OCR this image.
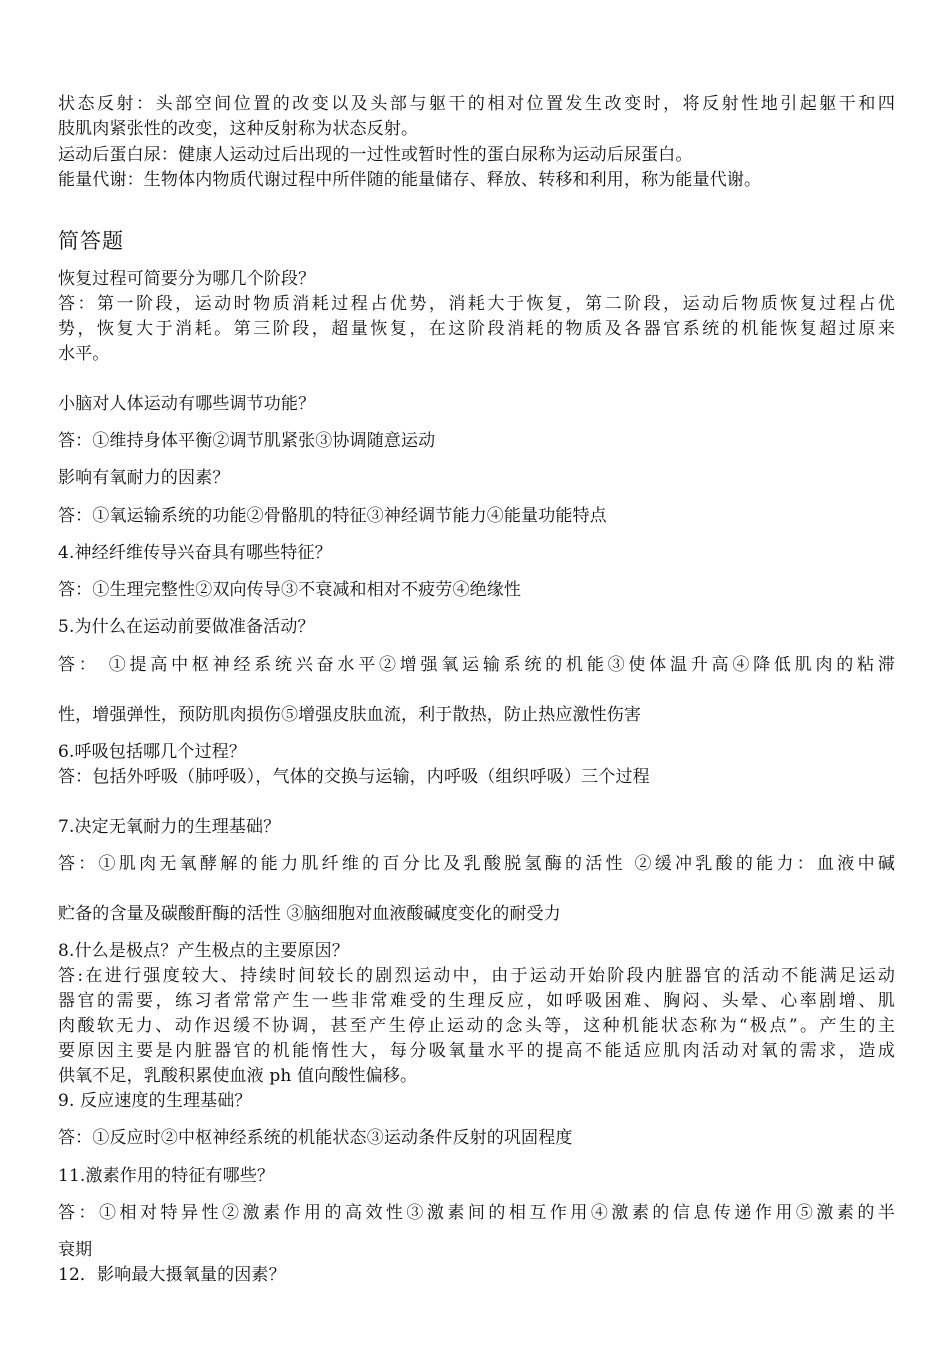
状态反射：头部空间位置的改变以及头部与躯干的相对位置发生改变时，将反射性地引起躯干和四
肢肌肉紧张性的改变，这种反射称为状态反射。
运动后蛋白尿：健康人运动过后出现的一过性或暂时性的蛋白尿称为运动后尿蛋白。
能量代谢：生物体内物质代谢过程中所伴随的能量储存、释放、转移和利用，称为能量代谢。
简答题
恢复过程可简要分为哪几个阶段？
答：第一阶段，运动时物质消耗过程占优势，消耗大于恢复，第二阶段，运动后物质恢复过程占优
势，恢复大于消耗。第三阶段，超量恢复，在这阶段消耗的物质及各器官系统的机能恢复超过原来
水平。
小脑对人体运动有哪些调节功能？
答：①维持身体平衡②调节肌紧张③协调随意运动
影响有氧耐力的因素？
答：①氧运输系统的功能②骨骼肌的特征③神经调节能力④能量功能特点
4.神经纤维传导兴奋具有哪些特征？
答：①生理完整性②双向传导③不衰减和相对不疲劳④绝缘性
5.为什么在运动前要做准备活动？
答： ①提高中枢神经系统兴奋水平②增强氧运输系统的机能③使体温升高④降低肌肉的粘滞
性，增强弹性，预防肌肉损伤⑤增强皮肤血流，利于散热，防止热应激性伤害
6.呼吸包括哪几个过程？
答：包括外呼吸（肺呼吸），气体的交换与运输，内呼吸（组织呼吸）三个过程
7.决定无氧耐力的生理基础？
答：①肌肉无氧酵解的能力肌纤维的百分比及乳酸脱氢酶的活性 ②缓冲乳酸的能力：血液中碱
贮备的含量及碳酸酐酶的活性 ③脑细胞对血液酸碱度变化的耐受力
8.什么是极点？产生极点的主要原因？
答:在进行强度较大、持续时间较长的剧烈运动中，由于运动开始阶段内脏器官的活动不能满足运动
器官的需要，练习者常常产生一些非常难受的生理反应，如呼吸困难、胸闷、头晕、心率剧增、肌
肉酸软无力、动作迟缓不协调，甚至产生停止运动的念头等，这种机能状态称为“极点”。产生的主
要原因主要是内脏器官的机能惰性大，每分吸氧量水平的提高不能适应肌肉活动对氧的需求，造成
供氧不足，乳酸积累使血液 ph 值向酸性偏移。
9. 反应速度的生理基础？
答：①反应时②中枢神经系统的机能状态③运动条件反射的巩固程度
11.激素作用的特征有哪些？
答：①相对特异性②激素作用的高效性③激素间的相互作用④激素的信息传递作用⑤激素的半
衰期
12．影响最大摄氧量的因素？
